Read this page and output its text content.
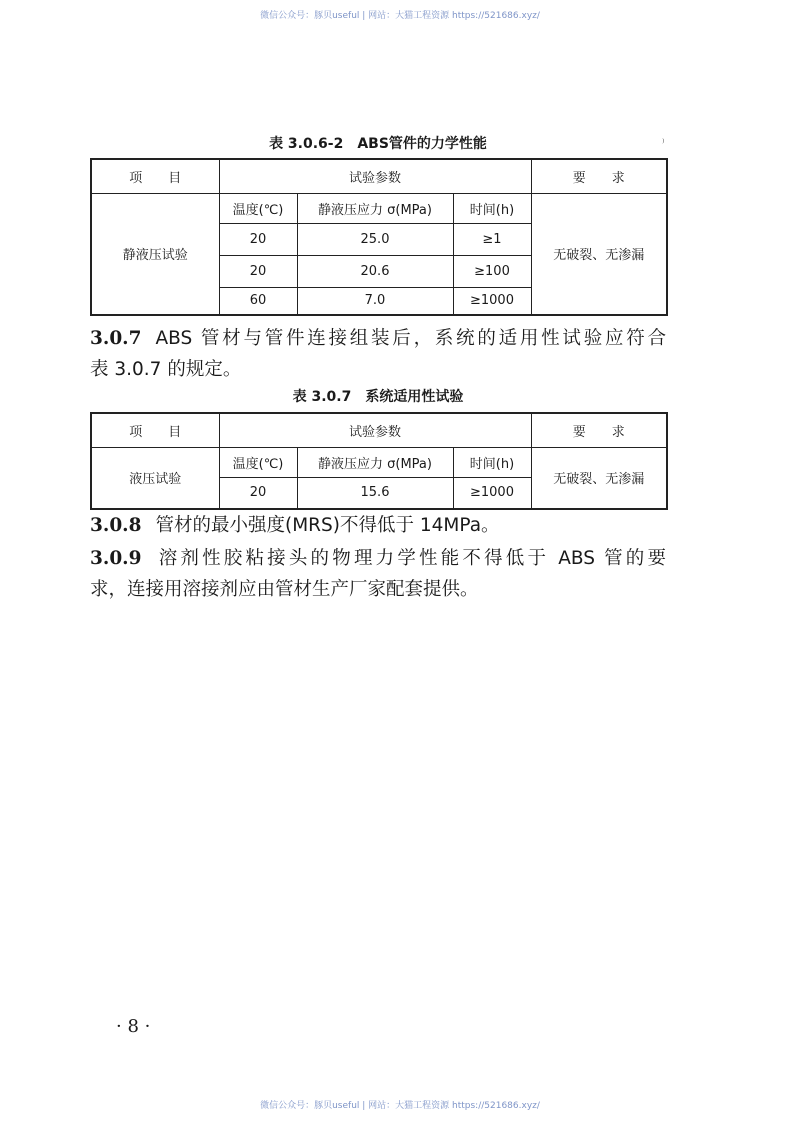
微信公众号：豚贝useful | 网站：大猫工程资源 https://521686.xyz/
表 3.0.6-2　ABS管件的力学性能
项　　目	试验参数			要　　求
静液压试验	温度(℃)	静液压应力 σ(MPa)	时间(h)	无破裂、无渗漏
	20	25.0	≥1	
	20	20.6	≥100	
	60	7.0	≥1000	
⁾
3.0.7 ABS 管材与管件连接组装后，系统的适用性试验应符合
表 3.0.7 的规定。
表 3.0.7　系统适用性试验
项　　目	试验参数			要　　求
液压试验	温度(℃)	静液压应力 σ(MPa)	时间(h)	无破裂、无渗漏
	20	15.6	≥1000	
3.0.8 管材的最小强度(MRS)不得低于 14MPa。
3.0.9 溶剂性胶粘接头的物理力学性能不得低于 ABS 管的要
求，连接用溶接剂应由管材生产厂家配套提供。
· 8 ·
微信公众号：豚贝useful | 网站：大猫工程资源 https://521686.xyz/
